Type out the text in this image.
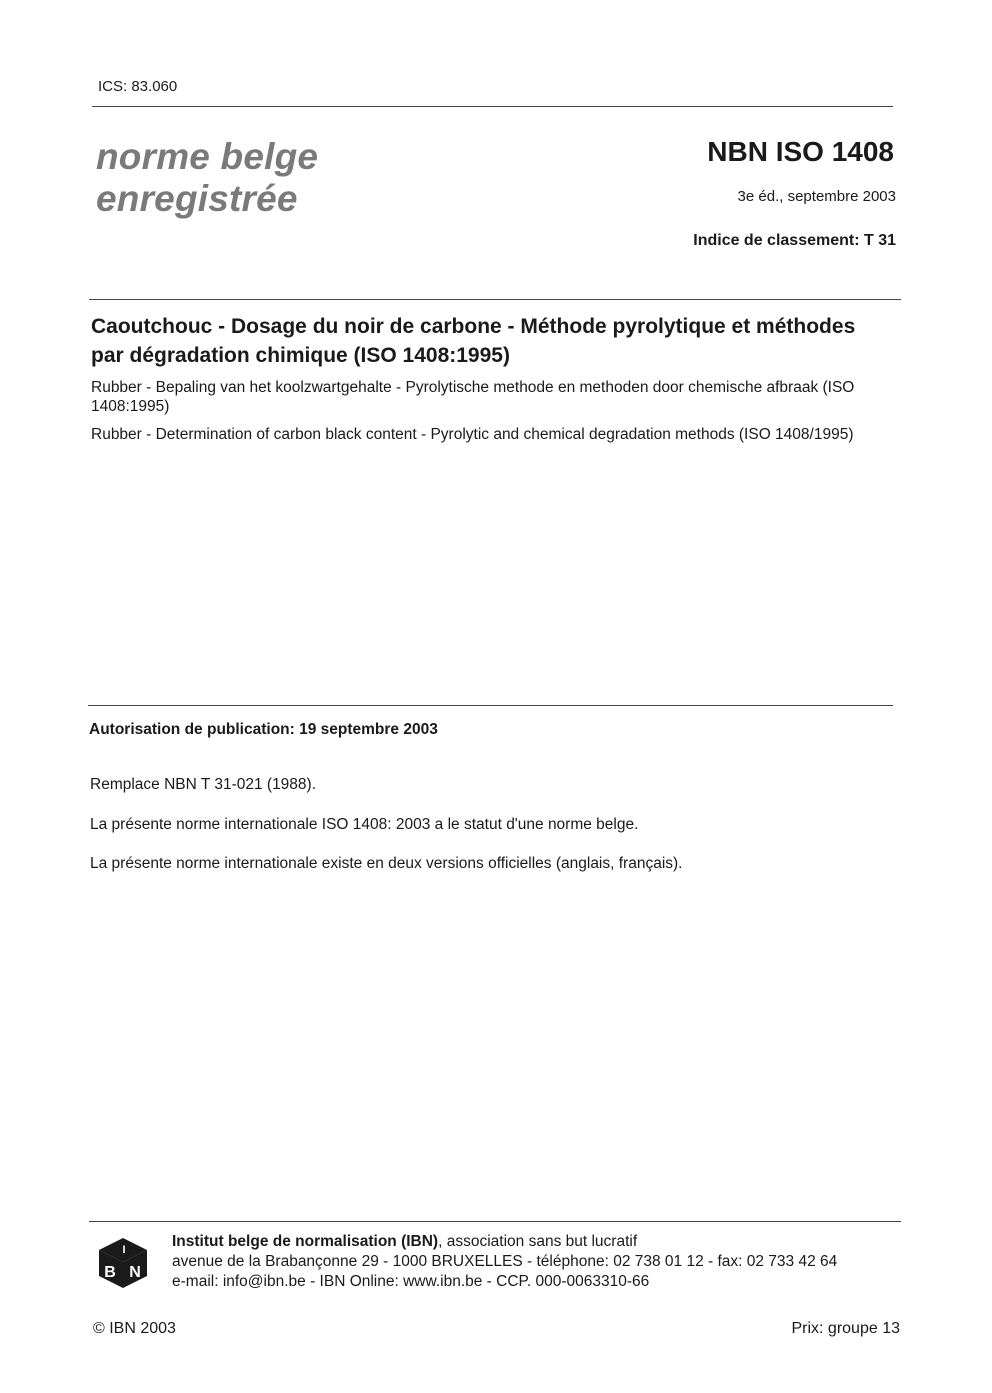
ICS: 83.060
norme belge
enregistrée
NBN ISO 1408
3e éd., septembre 2003
Indice de classement: T 31
Caoutchouc - Dosage du noir de carbone - Méthode pyrolytique et méthodes par dégradation chimique (ISO 1408:1995)
Rubber - Bepaling van het koolzwartgehalte - Pyrolytische methode en methoden door chemische afbraak (ISO 1408:1995)
Rubber - Determination of carbon black content - Pyrolytic and chemical degradation methods (ISO 1408/1995)
Autorisation de publication: 19 septembre 2003
Remplace NBN T 31-021 (1988).
La présente norme internationale ISO 1408: 2003 a le statut d'une norme belge.
La présente norme internationale existe en deux versions officielles (anglais, français).
I
B N
Institut belge de normalisation (IBN), association sans but lucratif
avenue de la Brabançonne 29 - 1000 BRUXELLES - téléphone: 02 738 01 12 - fax: 02 733 42 64
e-mail: info@ibn.be - IBN Online: www.ibn.be - CCP. 000-0063310-66
© IBN 2003	Prix: groupe 13
